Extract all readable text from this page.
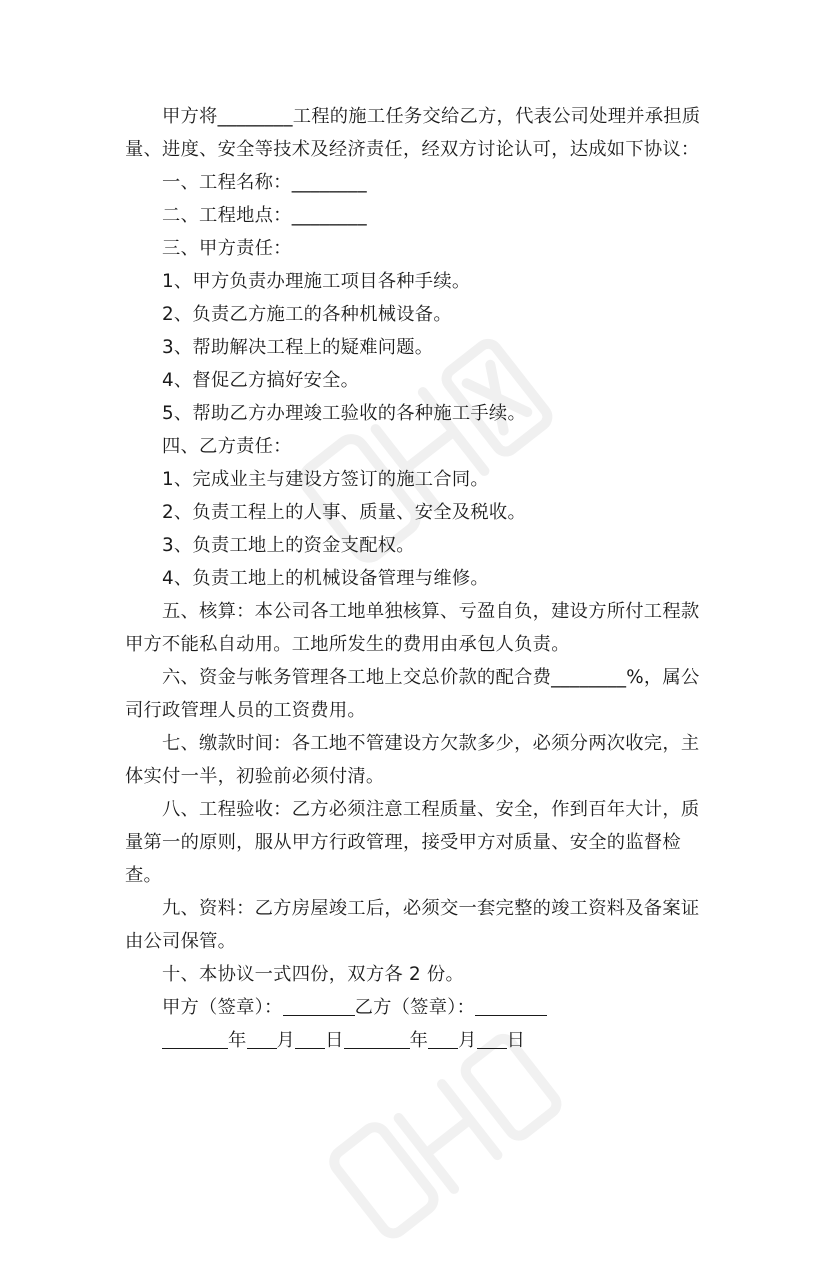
甲方将________工程的施工任务交给乙方，代表公司处理并承担质量、进度、安全等技术及经济责任，经双方讨论认可，达成如下协议：

一、工程名称：________

二、工程地点：________

三、甲方责任：

1、甲方负责办理施工项目各种手续。

2、负责乙方施工的各种机械设备。

3、帮助解决工程上的疑难问题。

4、督促乙方搞好安全。

5、帮助乙方办理竣工验收的各种施工手续。

四、乙方责任：

1、完成业主与建设方签订的施工合同。

2、负责工程上的人事、质量、安全及税收。

3、负责工地上的资金支配权。

4、负责工地上的机械设备管理与维修。

五、核算：本公司各工地单独核算、亏盈自负，建设方所付工程款甲方不能私自动用。工地所发生的费用由承包人负责。

六、资金与帐务管理各工地上交总价款的配合费________%，属公司行政管理人员的工资费用。

七、缴款时间：各工地不管建设方欠款多少，必须分两次收完，主体实付一半，初验前必须付清。

八、工程验收：乙方必须注意工程质量、安全，作到百年大计，质量第一的原则，服从甲方行政管理，接受甲方对质量、安全的监督检查。

九、资料：乙方房屋竣工后，必须交一套完整的竣工资料及备案证由公司保管。

十、本协议一式四份，双方各 2 份。

甲方（签章）：	乙方（签章）：
年 月 日	年 月 日
